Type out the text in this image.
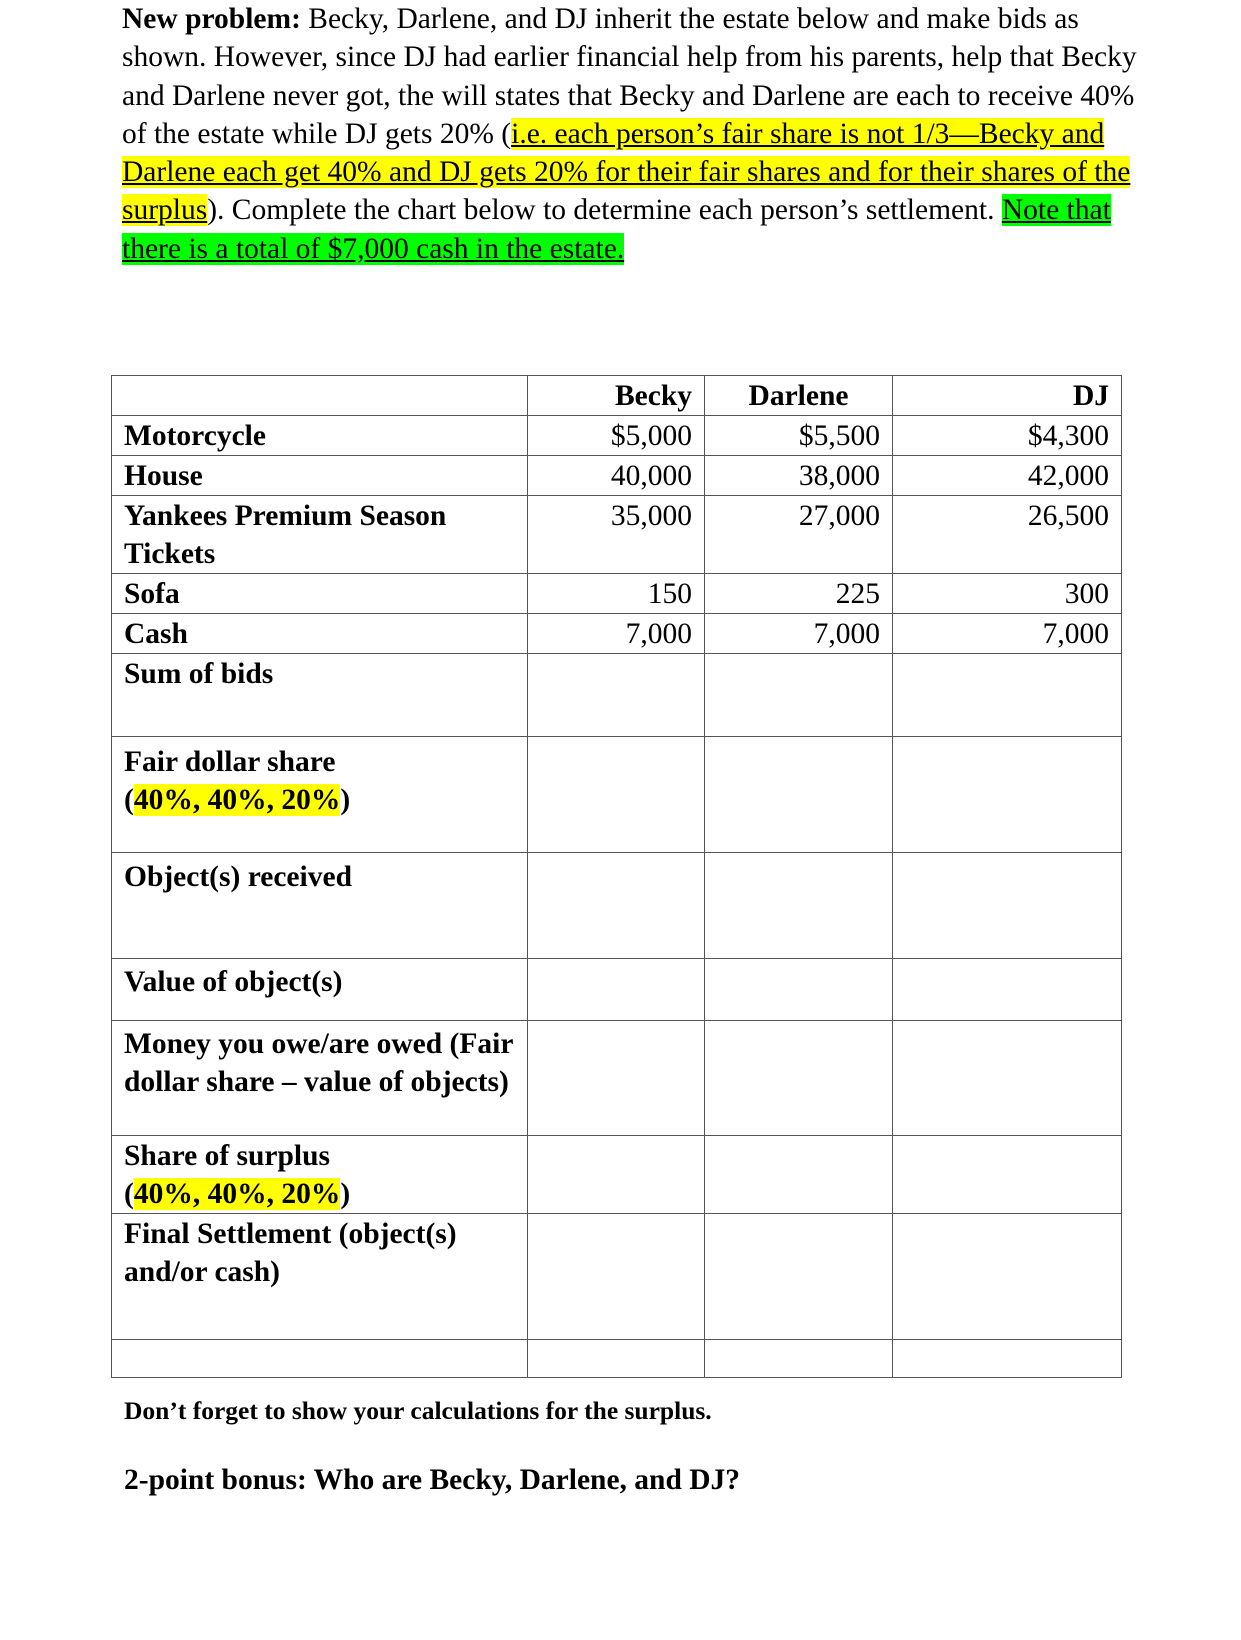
New problem: Becky, Darlene, and DJ inherit the estate below and make bids as shown. However, since DJ had earlier financial help from his parents, help that Becky and Darlene never got, the will states that Becky and Darlene are each to receive 40% of the estate while DJ gets 20% (i.e. each person’s fair share is not 1/3—Becky and Darlene each get 40% and DJ gets 20% for their fair shares and for their shares of the surplus). Complete the chart below to determine each person’s settlement. Note that there is a total of $7,000 cash in the estate.

	Becky	Darlene	DJ
Motorcycle	$5,000	$5,500	$4,300
House	40,000	38,000	42,000
Yankees Premium Season Tickets	35,000	27,000	26,500
Sofa	150	225	300
Cash	7,000	7,000	7,000
Sum of bids			
Fair dollar share
(40%, 40%, 20%)			
Object(s) received			
Value of object(s)			
Money you owe/are owed (Fair dollar share – value of objects)			
Share of surplus
(40%, 40%, 20%)			
Final Settlement (object(s) and/or cash)			

Don’t forget to show your calculations for the surplus.

2-point bonus: Who are Becky, Darlene, and DJ?
